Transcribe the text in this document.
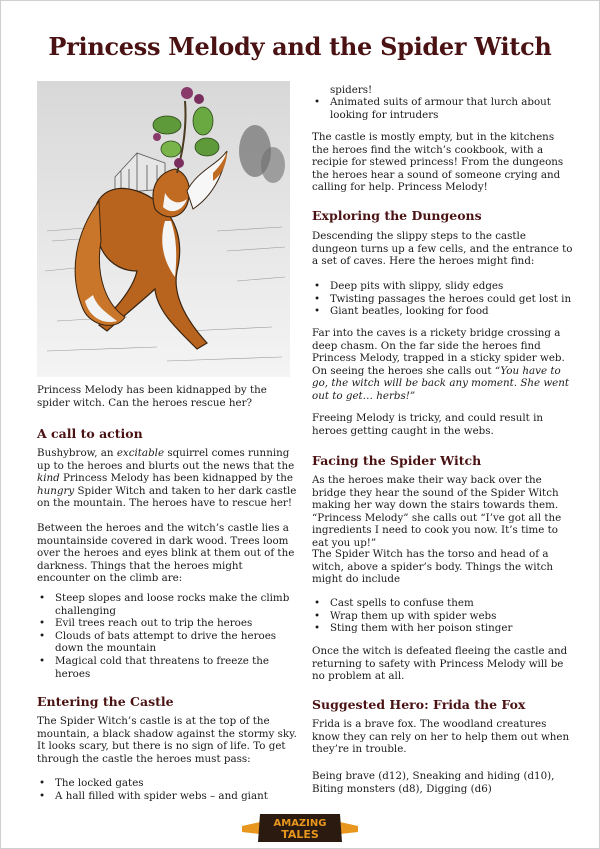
Princess Melody and the Spider Witch

Princess Melody has been kidnapped by the spider witch. Can the heroes rescue her?

A call to action

Bushybrow, an excitable squirrel comes running up to the heroes and blurts out the news that the kind Princess Melody has been kidnapped by the hungry Spider Witch and taken to her dark castle on the mountain. The heroes have to rescue her!

Between the heroes and the witch’s castle lies a mountainside covered in dark wood. Trees loom over the heroes and eyes blink at them out of the darkness. Things that the heroes might encounter on the climb are:

• Steep slopes and loose rocks make the climb challenging
• Evil trees reach out to trip the heroes
• Clouds of bats attempt to drive the heroes down the mountain
• Magical cold that threatens to freeze the heroes
Entering the Castle

The Spider Witch’s castle is at the top of the mountain, a black shadow against the stormy sky. It looks scary, but there is no sign of life. To get through the castle the heroes must pass:

• The locked gates
• A hall filled with spider webs – and giant
spiders!
• Animated suits of armour that lurch about looking for intruders

The castle is mostly empty, but in the kitchens the heroes find the witch’s cookbook, with a recipie for stewed princess! From the dungeons the heroes hear a sound of someone crying and calling for help. Princess Melody!

Exploring the Dungeons

Descending the slippy steps to the castle dungeon turns up a few cells, and the entrance to a set of caves. Here the heroes might find:

• Deep pits with slippy, slidy edges
• Twisting passages the heroes could get lost in
• Giant beatles, looking for food

Far into the caves is a rickety bridge crossing a deep chasm. On the far side the heroes find Princess Melody, trapped in a sticky spider web. On seeing the heroes she calls out “You have to go, the witch will be back any moment. She went out to get… herbs!”

Freeing Melody is tricky, and could result in heroes getting caught in the webs.

Facing the Spider Witch

As the heroes make their way back over the bridge they hear the sound of the Spider Witch making her way down the stairs towards them. “Princess Melody” she calls out “I’ve got all the ingredients I need to cook you now. It’s time to eat you up!”

The Spider Witch has the torso and head of a witch, above a spider’s body. Things the witch might do include

• Cast spells to confuse them
• Wrap them up with spider webs
• Sting them with her poison stinger

Once the witch is defeated fleeing the castle and returning to safety with Princess Melody will be no problem at all.

Suggested Hero: Frida the Fox

Frida is a brave fox. The woodland creatures know they can rely on her to help them out when they’re in trouble.

Being brave (d12), Sneaking and hiding (d10), Biting monsters (d8), Digging (d6)

AMAZING
TALES
